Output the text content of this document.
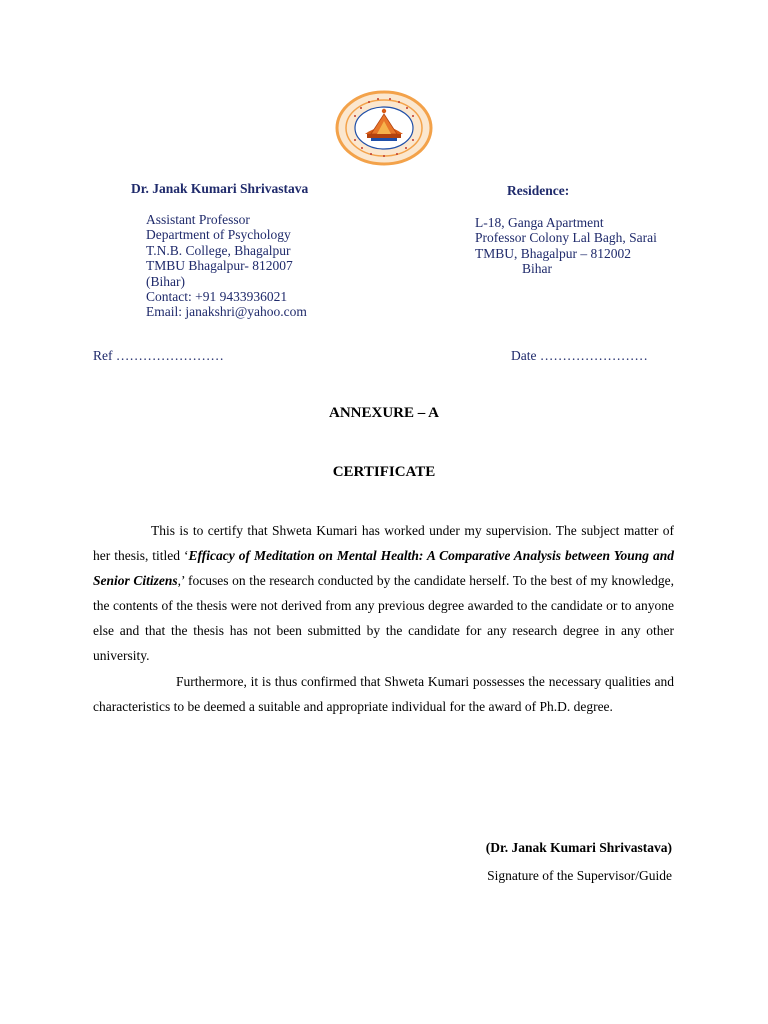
Dr. Janak Kumari Shrivastava
Assistant Professor
Department of Psychology
T.N.B. College, Bhagalpur
TMBU Bhagalpur- 812007
(Bihar)
Contact: +91 9433936021
Email: janakshri@yahoo.com
Residence:
L-18, Ganga Apartment
Professor Colony Lal Bagh, Sarai
TMBU, Bhagalpur – 812002
Bihar
Ref ……………………	Date ……………………
ANNEXURE – A
CERTIFICATE

This is to certify that Shweta Kumari has worked under my supervision. The subject matter of her thesis, titled ‘Efficacy of Meditation on Mental Health: A Comparative Analysis between Young and Senior Citizens,’ focuses on the research conducted by the candidate herself. To the best of my knowledge, the contents of the thesis were not derived from any previous degree awarded to the candidate or to anyone else and that the thesis has not been submitted by the candidate for any research degree in any other university.

Furthermore, it is thus confirmed that Shweta Kumari possesses the necessary qualities and characteristics to be deemed a suitable and appropriate individual for the award of Ph.D. degree.

(Dr. Janak Kumari Shrivastava)
Signature of the Supervisor/Guide
